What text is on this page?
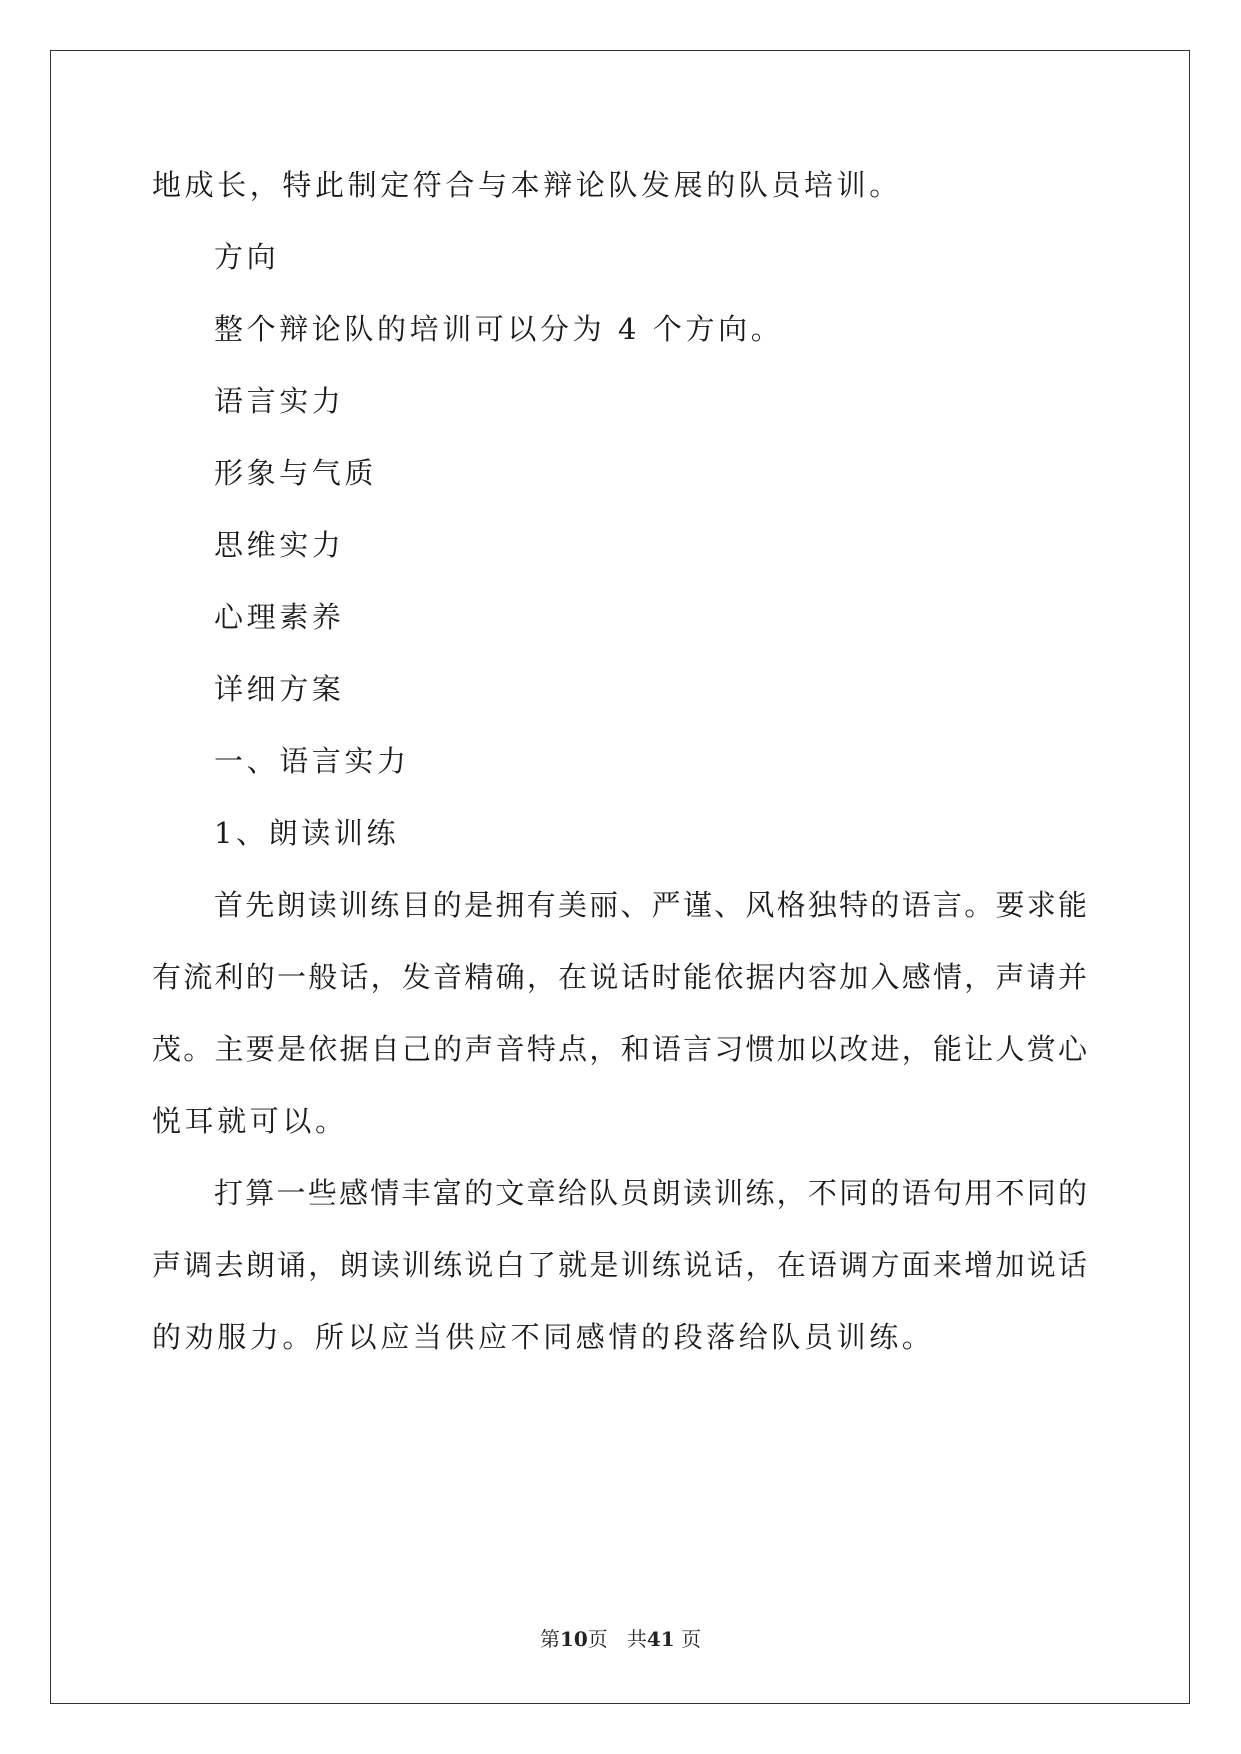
地成长，特此制定符合与本辩论队发展的队员培训。
方向
整个辩论队的培训可以分为 4 个方向。
语言实力
形象与气质
思维实力
心理素养
详细方案
一、语言实力
1、朗读训练
首先朗读训练目的是拥有美丽、严谨、风格独特的语言。要求能
有流利的一般话，发音精确，在说话时能依据内容加入感情，声请并
茂。主要是依据自己的声音特点，和语言习惯加以改进，能让人赏心
悦耳就可以。
打算一些感情丰富的文章给队员朗读训练，不同的语句用不同的
声调去朗诵，朗读训练说白了就是训练说话，在语调方面来增加说话
的劝服力。所以应当供应不同感情的段落给队员训练。
第10页 共41 页
